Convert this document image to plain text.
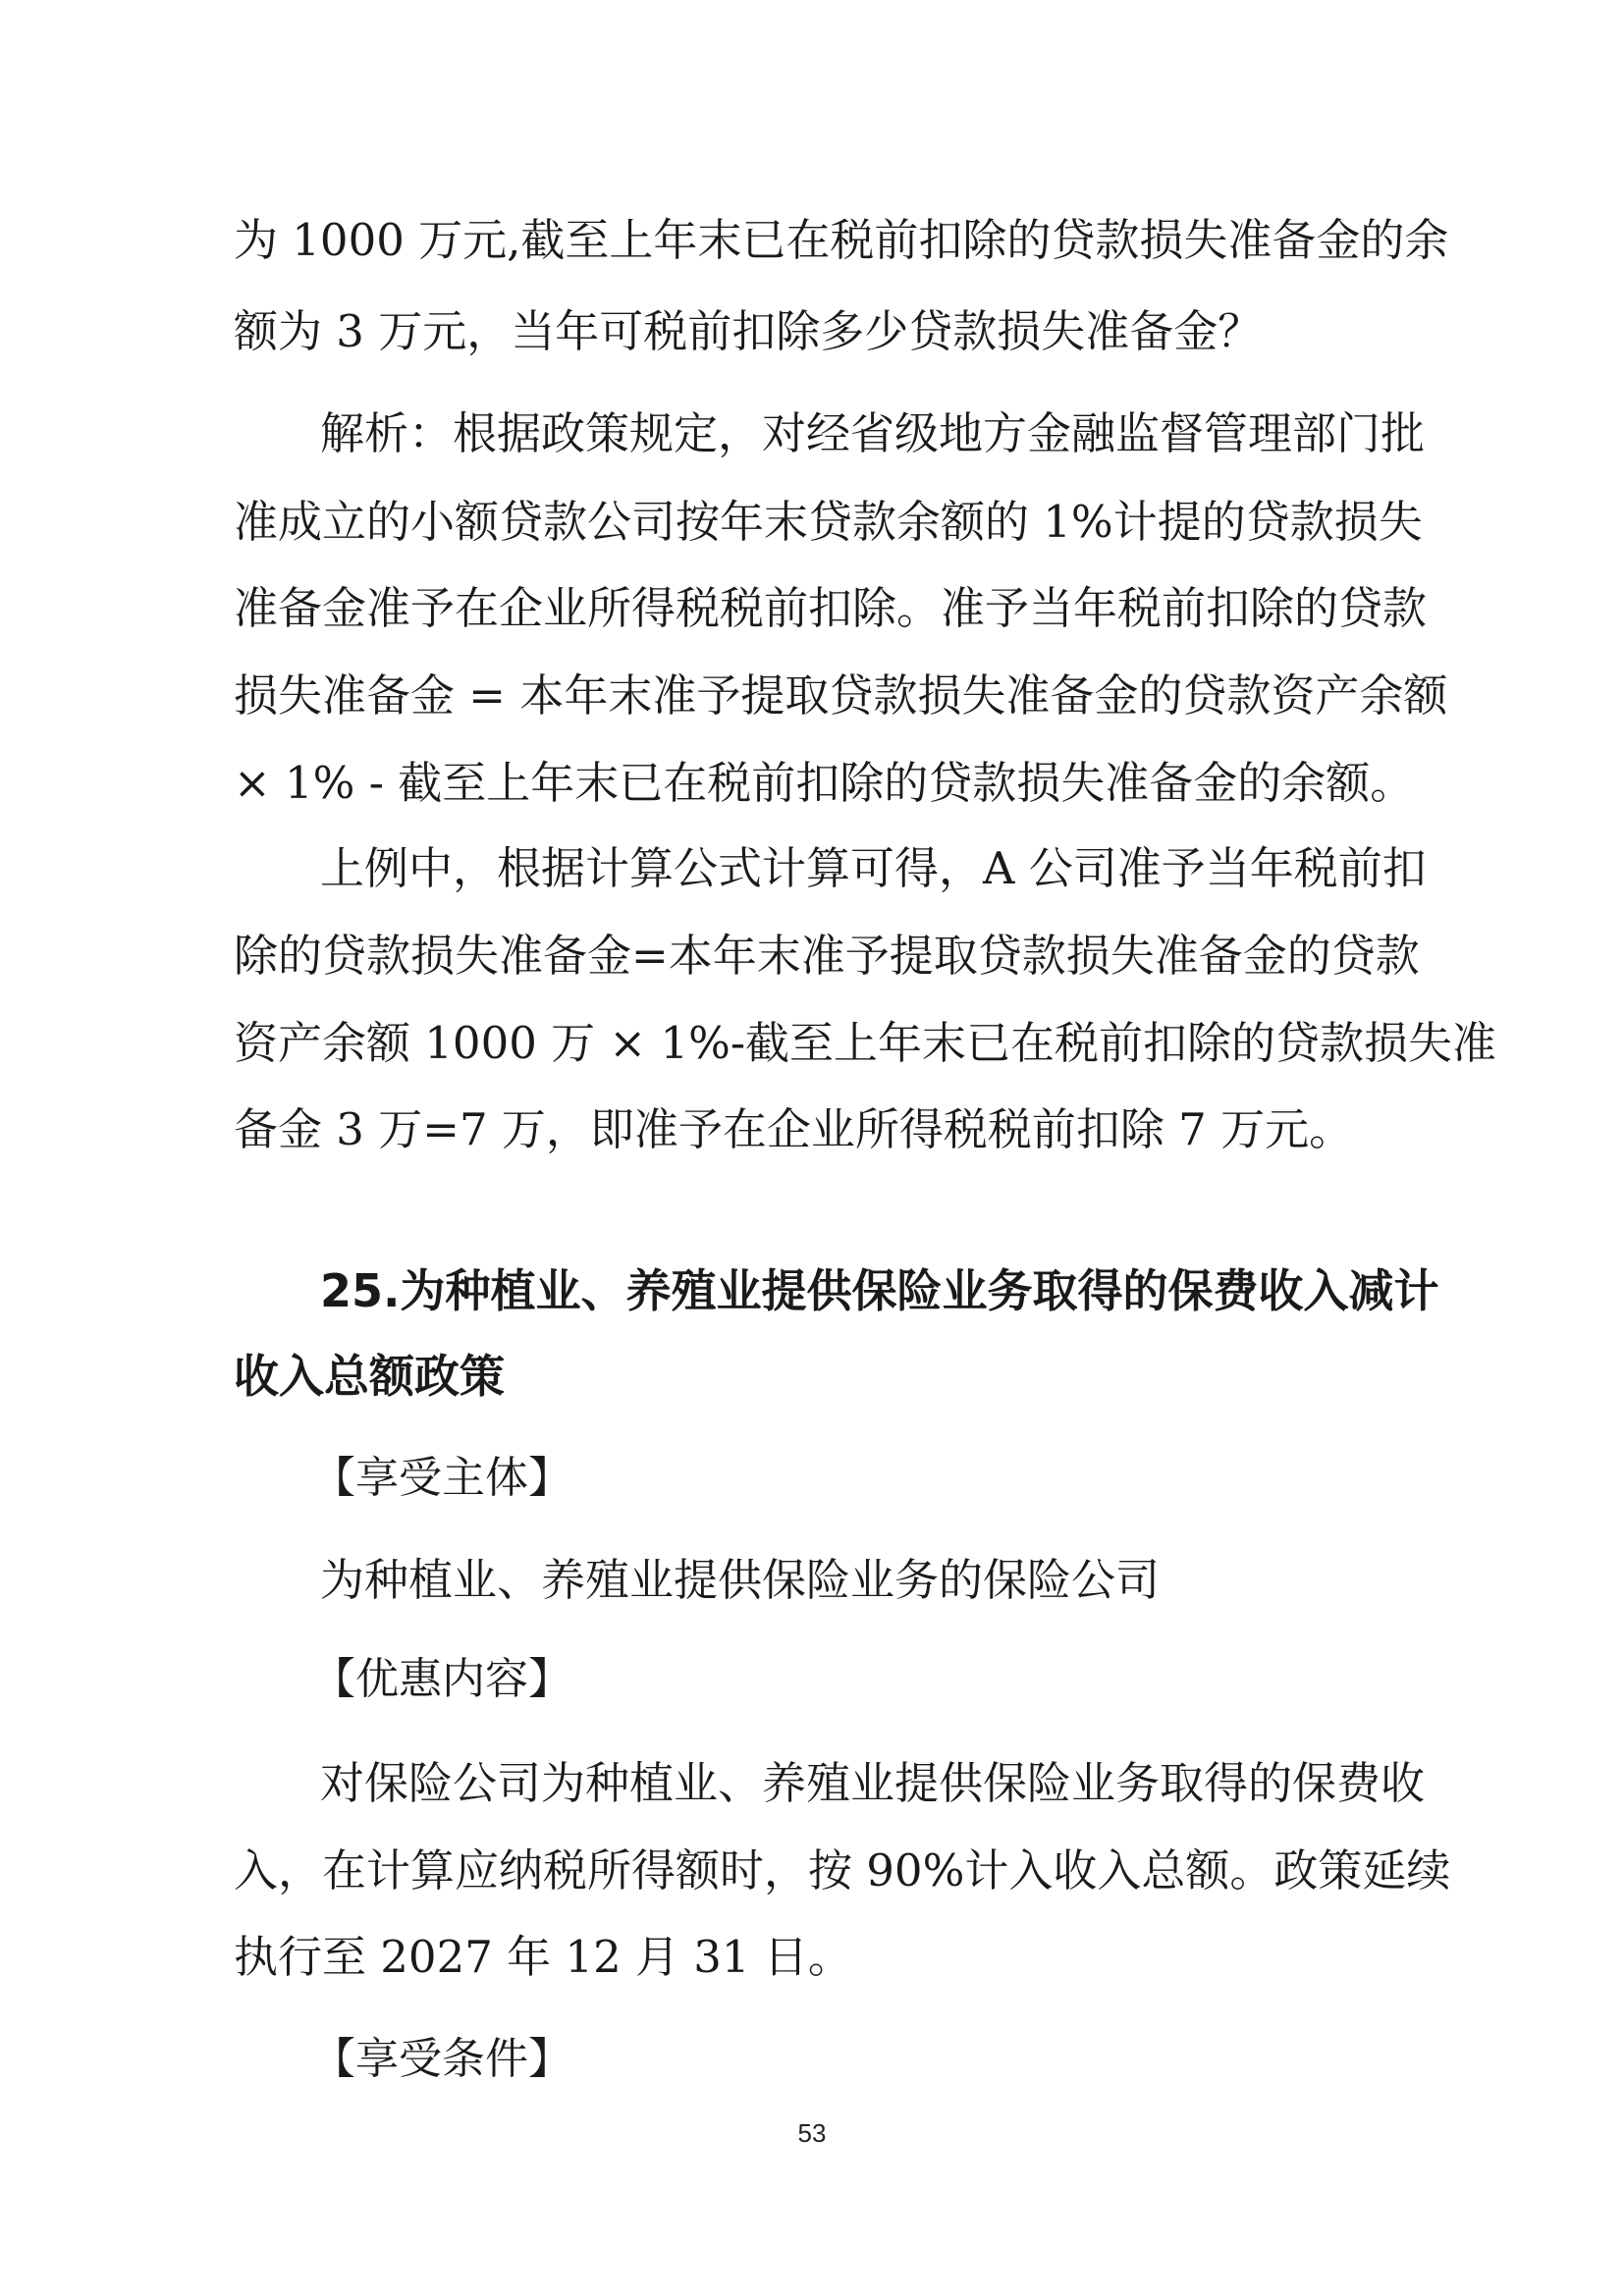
为 1000 万元,截至上年末已在税前扣除的贷款损失准备金的余
额为 3 万元，当年可税前扣除多少贷款损失准备金？
解析：根据政策规定，对经省级地方金融监督管理部门批
准成立的小额贷款公司按年末贷款余额的 1%计提的贷款损失
准备金准予在企业所得税税前扣除。准予当年税前扣除的贷款
损失准备金 = 本年末准予提取贷款损失准备金的贷款资产余额
× 1% - 截至上年末已在税前扣除的贷款损失准备金的余额。
上例中，根据计算公式计算可得，A 公司准予当年税前扣
除的贷款损失准备金=本年末准予提取贷款损失准备金的贷款
资产余额 1000 万 × 1%-截至上年末已在税前扣除的贷款损失准
备金 3 万=7 万，即准予在企业所得税税前扣除 7 万元。
25.为种植业、养殖业提供保险业务取得的保费收入减计
收入总额政策
【享受主体】
为种植业、养殖业提供保险业务的保险公司
【优惠内容】
对保险公司为种植业、养殖业提供保险业务取得的保费收
入，在计算应纳税所得额时，按 90%计入收入总额。政策延续
执行至 2027 年 12 月 31 日。
【享受条件】
53
